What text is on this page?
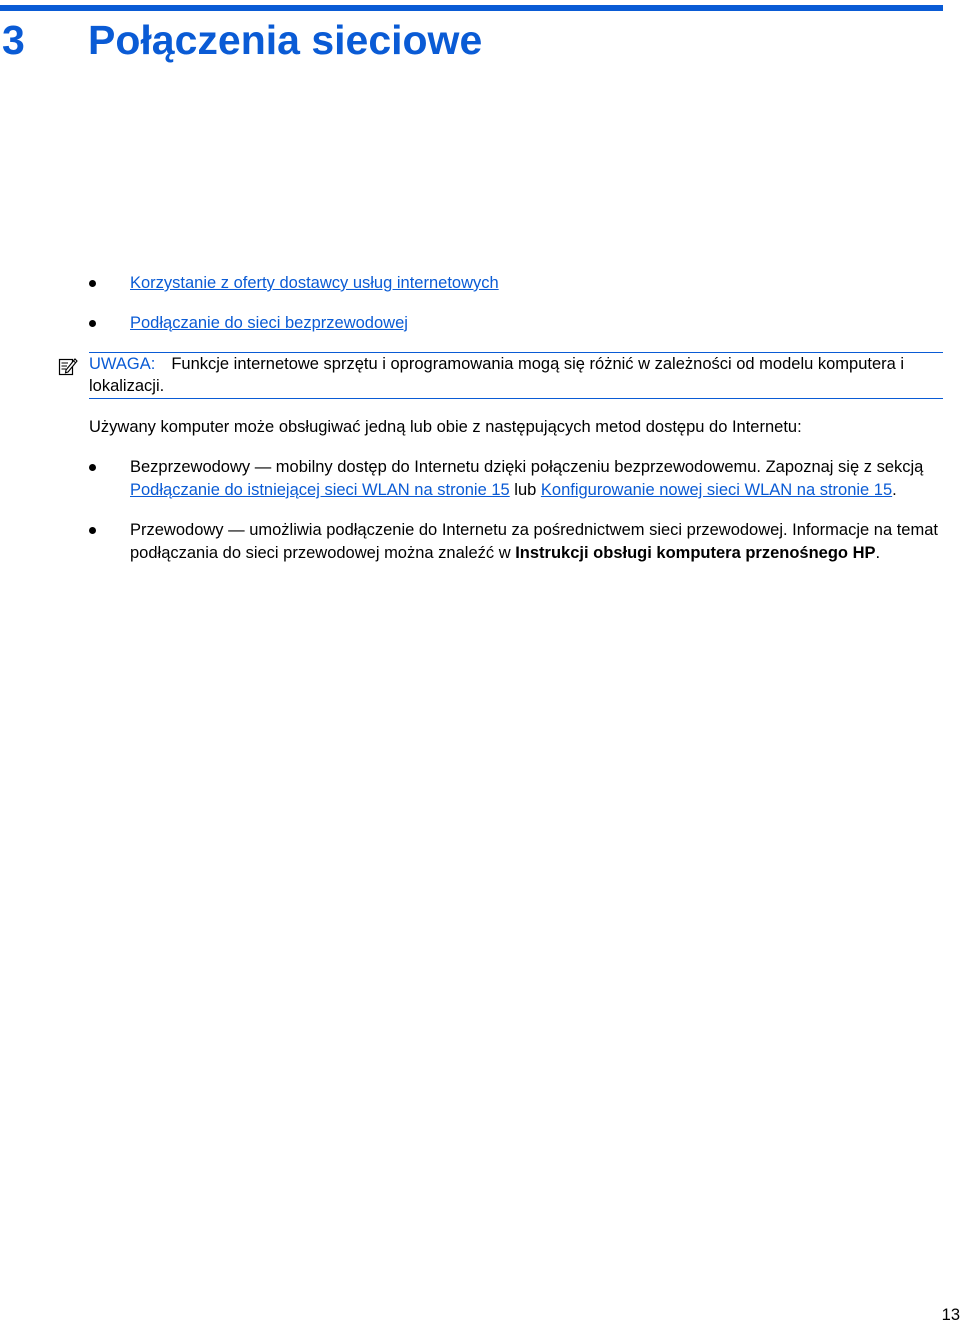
3 Połączenia sieciowe
Korzystanie z oferty dostawcy usług internetowych
Podłączanie do sieci bezprzewodowej
UWAGA: Funkcje internetowe sprzętu i oprogramowania mogą się różnić w zależności od modelu komputera i lokalizacji.
Używany komputer może obsługiwać jedną lub obie z następujących metod dostępu do Internetu:
Bezprzewodowy — mobilny dostęp do Internetu dzięki połączeniu bezprzewodowemu. Zapoznaj się z sekcją Podłączanie do istniejącej sieci WLAN na stronie 15 lub Konfigurowanie nowej sieci WLAN na stronie 15.
Przewodowy — umożliwia podłączenie do Internetu za pośrednictwem sieci przewodowej. Informacje na temat podłączania do sieci przewodowej można znaleźć w Instrukcji obsługi komputera przenośnego HP.
13
